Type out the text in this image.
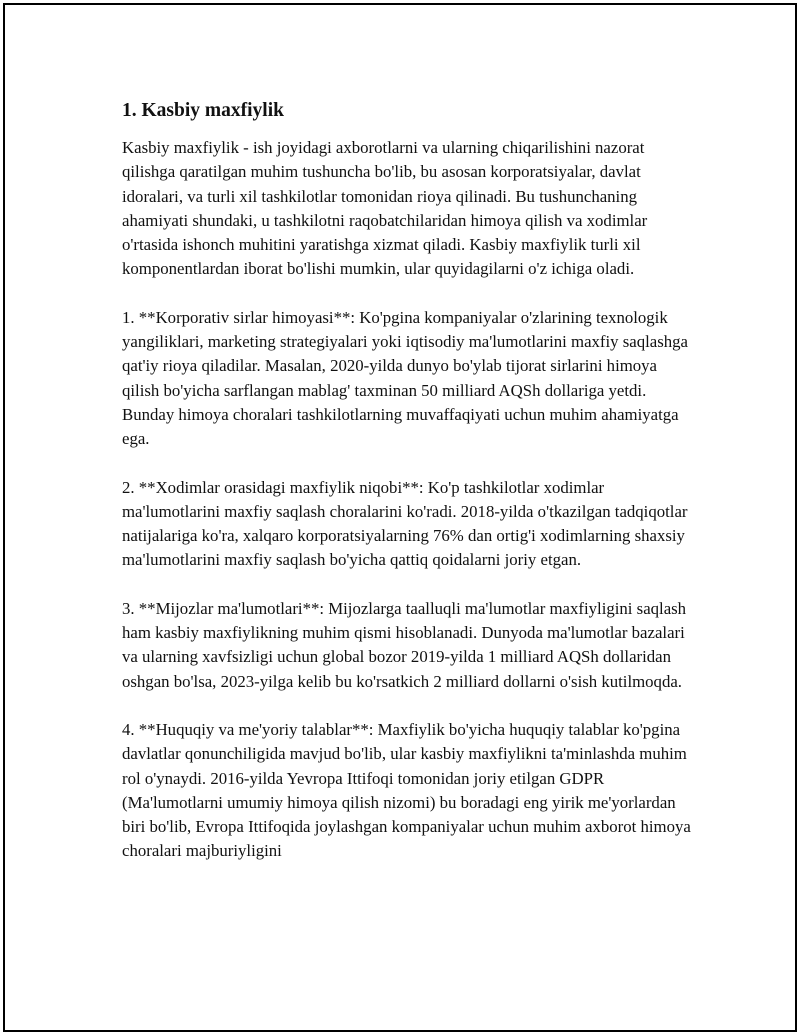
1. Kasbiy maxfiylik

Kasbiy maxfiylik - ish joyidagi axborotlarni va ularning chiqarilishini nazorat qilishga qaratilgan muhim tushuncha bo'lib, bu asosan korporatsiyalar, davlat idoralari, va turli xil tashkilotlar tomonidan rioya qilinadi. Bu tushunchaning ahamiyati shundaki, u tashkilotni raqobatchilaridan himoya qilish va xodimlar o'rtasida ishonch muhitini yaratishga xizmat qiladi. Kasbiy maxfiylik turli xil komponentlardan iborat bo'lishi mumkin, ular quyidagilarni o'z ichiga oladi.

1. **Korporativ sirlar himoyasi**: Ko'pgina kompaniyalar o'zlarining texnologik yangiliklari, marketing strategiyalari yoki iqtisodiy ma'lumotlarini maxfiy saqlashga qat'iy rioya qiladilar. Masalan, 2020-yilda dunyo bo'ylab tijorat sirlarini himoya qilish bo'yicha sarflangan mablag' taxminan 50 milliard AQSh dollariga yetdi. Bunday himoya choralari tashkilotlarning muvaffaqiyati uchun muhim ahamiyatga ega.

2. **Xodimlar orasidagi maxfiylik niqobi**: Ko'p tashkilotlar xodimlar ma'lumotlarini maxfiy saqlash choralarini ko'radi. 2018-yilda o'tkazilgan tadqiqotlar natijalariga ko'ra, xalqaro korporatsiyalarning 76% dan ortig'i xodimlarning shaxsiy ma'lumotlarini maxfiy saqlash bo'yicha qattiq qoidalarni joriy etgan.

3. **Mijozlar ma'lumotlari**: Mijozlarga taalluqli ma'lumotlar maxfiyligini saqlash ham kasbiy maxfiylikning muhim qismi hisoblanadi. Dunyoda ma'lumotlar bazalari va ularning xavfsizligi uchun global bozor 2019-yilda 1 milliard AQSh dollaridan oshgan bo'lsa, 2023-yilga kelib bu ko'rsatkich 2 milliard dollarni o'sish kutilmoqda.

4. **Huquqiy va me'yoriy talablar**: Maxfiylik bo'yicha huquqiy talablar ko'pgina davlatlar qonunchiligida mavjud bo'lib, ular kasbiy maxfiylikni ta'minlashda muhim rol o'ynaydi. 2016-yilda Yevropa Ittifoqi tomonidan joriy etilgan GDPR (Ma'lumotlarni umumiy himoya qilish nizomi) bu boradagi eng yirik me'yorlardan biri bo'lib, Evropa Ittifoqida joylashgan kompaniyalar uchun muhim axborot himoya choralari majburiyligini
